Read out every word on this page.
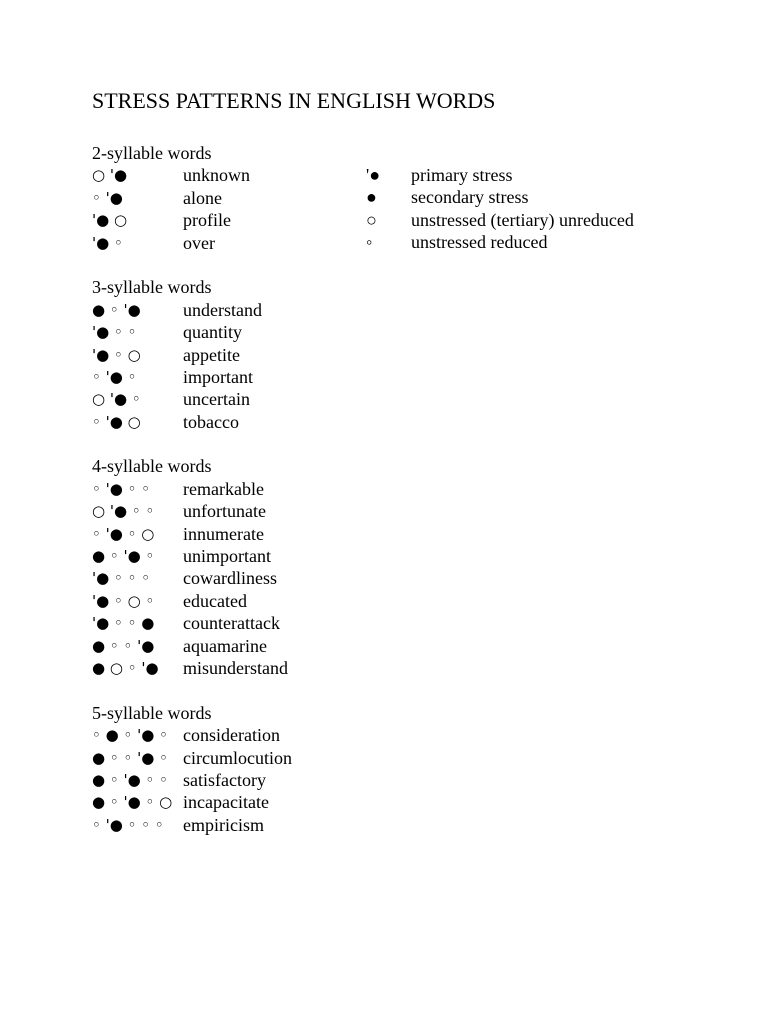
STRESS PATTERNS IN ENGLISH WORDS
'●	primary stress
●	secondary stress
○	unstressed (tertiary) unreduced
◦	unstressed reduced
2-syllable words
○ '●	unknown
◦ '●	alone
'● ○	profile
'● ◦	over
3-syllable words
● ◦ '●	understand
'● ◦ ◦	quantity
'● ◦ ○	appetite
◦ '● ◦	important
○ '● ◦	uncertain
◦ '● ○	tobacco
4-syllable words
◦ '● ◦ ◦	remarkable
○ '● ◦ ◦	unfortunate
◦ '● ◦ ○	innumerate
● ◦ '● ◦	unimportant
'● ◦ ◦ ◦	cowardliness
'● ◦ ○ ◦	educated
'● ◦ ◦ ●	counterattack
● ◦ ◦ '●	aquamarine
● ○ ◦ '●	misunderstand
5-syllable words
◦ ● ◦ '● ◦ consideration
● ◦ ◦ '● ◦ circumlocution
● ◦ '● ◦ ◦ satisfactory
● ◦ '● ◦ ○ incapacitate
◦ '● ◦ ◦ ◦	empiricism
